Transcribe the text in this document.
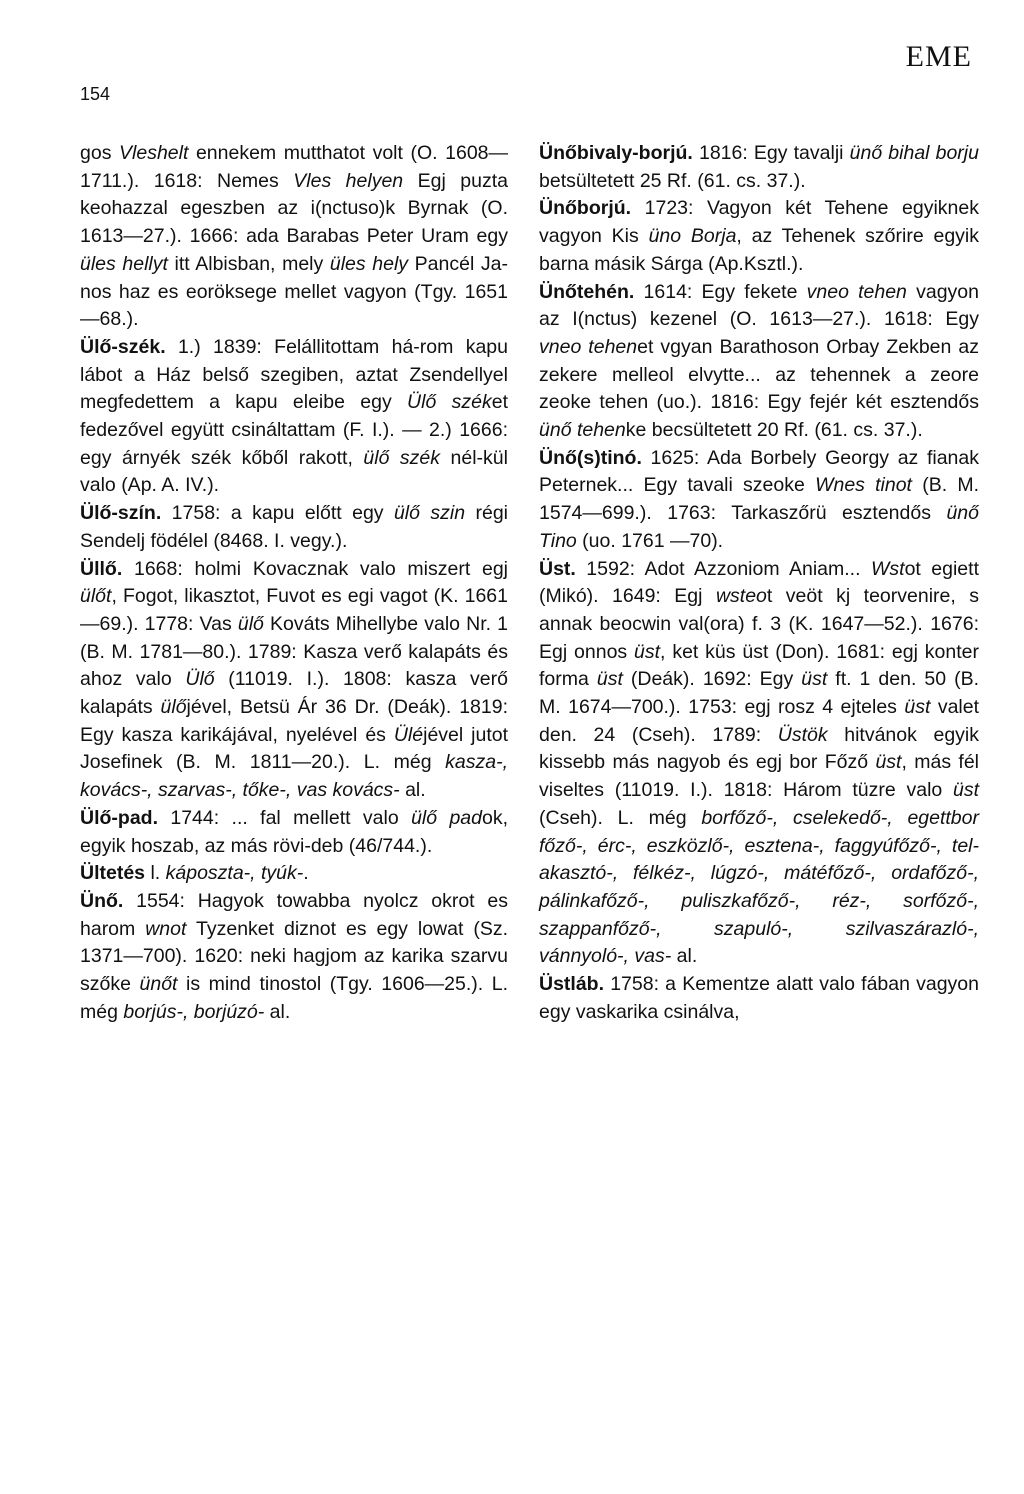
154
EME

gos Vleshelt ennekem mutthatot volt (O. 1608—1711.). 1618: Nemes Vles helyen Egj puzta keohazzal egeszben az i(nctuso)k Byrnak (O. 1613—27.). 1666: ada Barabas Peter Uram egy üles hellyt itt Albisban, mely üles hely Pancél Ja-nos haz es eoröksege mellet vagyon (Tgy. 1651—68.).

Ülő-szék. 1.) 1839: Felállitottam há-rom kapu lábot a Ház belső szegiben, aztat Zsendellyel megfedettem a kapu eleibe egy Ülő széket fedezővel együtt csináltattam (F. I.). — 2.) 1666: egy árnyék szék kőből rakott, ülő szék nél-kül valo (Ap. A. IV.).

Ülő-szín. 1758: a kapu előtt egy ülő szin régi Sendelj födélel (8468. I. vegy.).

Üllő. 1668: holmi Kovacznak valo miszert egj ülőt, Fogot, likasztot, Fuvot es egi vagot (K. 1661—69.). 1778: Vas ülő Kováts Mihellybe valo Nr. 1 (B. M. 1781—80.). 1789: Kasza verő kalapáts és ahoz valo Ülő (11019. I.). 1808: kasza verő kalapáts ülőjével, Betsü Ár 36 Dr. (Deák). 1819: Egy kasza karikájával, nyelével és Üléjével jutot Josefinek (B. M. 1811—20.). L. még kasza-, kovács-, szarvas-, tőke-, vas kovács- al.

Ülő-pad. 1744: ... fal mellett valo ülő padok, egyik hoszab, az más rövi-deb (46/744.).

Ültetés l. káposzta-, tyúk-.

Ünő. 1554: Hagyok towabba nyolcz okrot es harom wnot Tyzenket diznot es egy lowat (Sz. 1371—700). 1620: neki hagjom az karika szarvu szőke ünőt is mind tinostol (Tgy. 1606—25.). L. még borjús-, borjúzó- al.

Ünőbivaly-borjú. 1816: Egy tavalji ünő bihal borju betsültetett 25 Rf. (61. cs. 37.).

Ünőborjú. 1723: Vagyon két Tehene egyiknek vagyon Kis üno Borja, az Tehenek szőrire egyik barna másik Sárga (Ap.Ksztl.).

Ünőtehén. 1614: Egy fekete vneo tehen vagyon az I(nctus) kezenel (O. 1613—27.). 1618: Egy vneo tehenet vgyan Barathoson Orbay Zekben az zekere melleol elvytte... az tehennek a zeore zeoke tehen (uo.). 1816: Egy fejér két esztendős ünő tehenke becsültetett 20 Rf. (61. cs. 37.).

Ünő(s)tinó. 1625: Ada Borbely Georgy az fianak Peternek... Egy tavali szeoke Wnes tinot (B. M. 1574—699.). 1763: Tarkaszőrü esztendős ünő Tino (uo. 1761 —70).

Üst. 1592: Adot Azzoniom Aniam... Wstot egiett (Mikó). 1649: Egj wsteot veöt kj teorvenire, s annak beocwin val(ora) f. 3 (K. 1647—52.). 1676: Egj onnos üst, ket küs üst (Don). 1681: egj konter forma üst (Deák). 1692: Egy üst ft. 1 den. 50 (B. M. 1674—700.). 1753: egj rosz 4 ejteles üst valet den. 24 (Cseh). 1789: Üstök hitvánok egyik kissebb más nagyob és egj bor Főző üst, más fél viseltes (11019. I.). 1818: Három tüzre valo üst (Cseh). L. még borfőző-, cselekedő-, egettbor főző-, érc-, eszközlő-, esztena-, faggyúfőző-, tel-akasztó-, félkéz-, lúgzó-, mátéfőző-, ordafőző-, pálinkafőző-, puliszkafőző-, réz-, sorfőző-, szappanfőző-, szapuló-, szilvaszárazló-, vánnyoló-, vas- al.

Üstláb. 1758: a Kementze alatt valo fában vagyon egy vaskarika csinálva,
